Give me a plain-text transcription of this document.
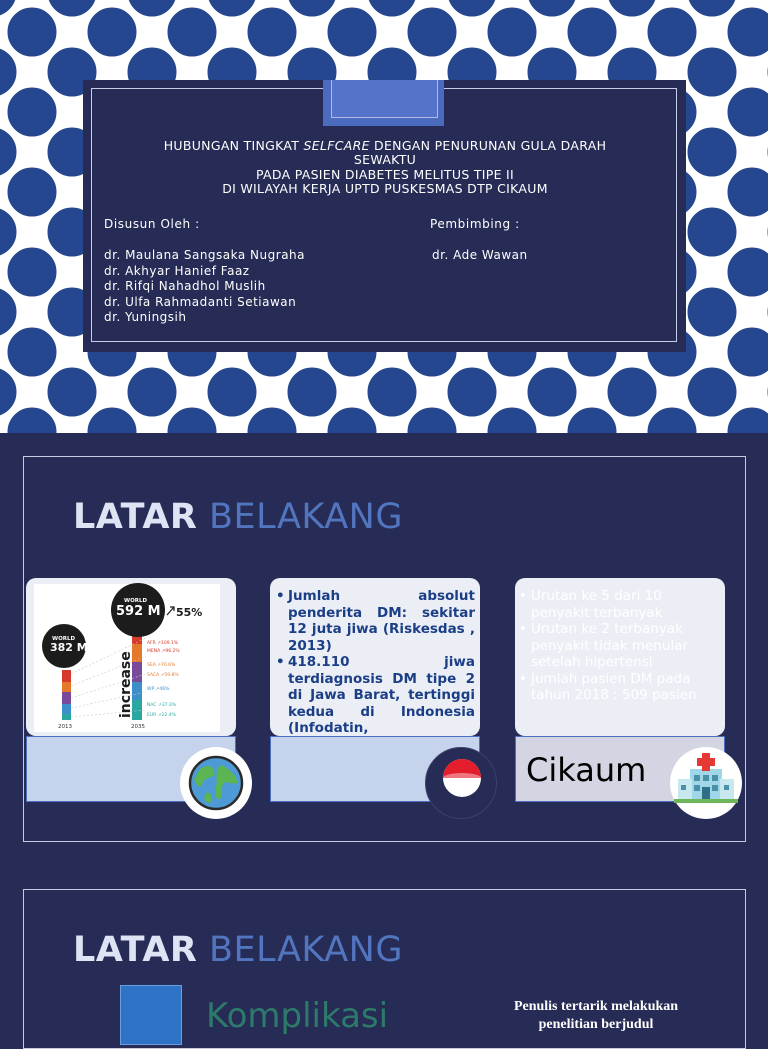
HUBUNGAN TINGKAT SELFCARE DENGAN PENURUNAN GULA DARAH
SEWAKTU
PADA PASIEN DIABETES MELITUS TIPE II
DI WILAYAH KERJA UPTD PUSKESMAS DTP CIKAUM
Disusun Oleh :	Pembimbing :
dr. Maulana Sangsaka Nugraha
dr. Akhyar Hanief Faaz
dr. Rifqi Nahadhol Muslih
dr. Ulfa Rahmadanti Setiawan
dr. Yuningsih
dr. Ade Wawan
LATAR BELAKANG
AFR ↗109.1%
MENA ↗96.2%
SEA ↗70.6%
SACA ↗59.8%
WP ↗46%
NAC ↗37.3%
EUR ↗22.4%
WORLD
382 M
WORLD
592 M 55%
increase
2013	2035
• Jumlah absolut penderita DM: sekitar 12 juta jiwa (Riskesdas , 2013)
• 418.110 jiwa terdiagnosis DM tipe 2 di Jawa Barat, tertinggi kedua di Indonesia (Infodatin,
• Urutan ke 5 dari 10 penyakit terbanyak
• Urutan ke 2 terbanyak penyakit tidak menular setelah hipertensi
• Jumlah pasien DM pada tahun 2018 : 509 pasien
Cikaum
LATAR BELAKANG
Komplikasi	Penulis tertarik melakukan
penelitian berjudul
